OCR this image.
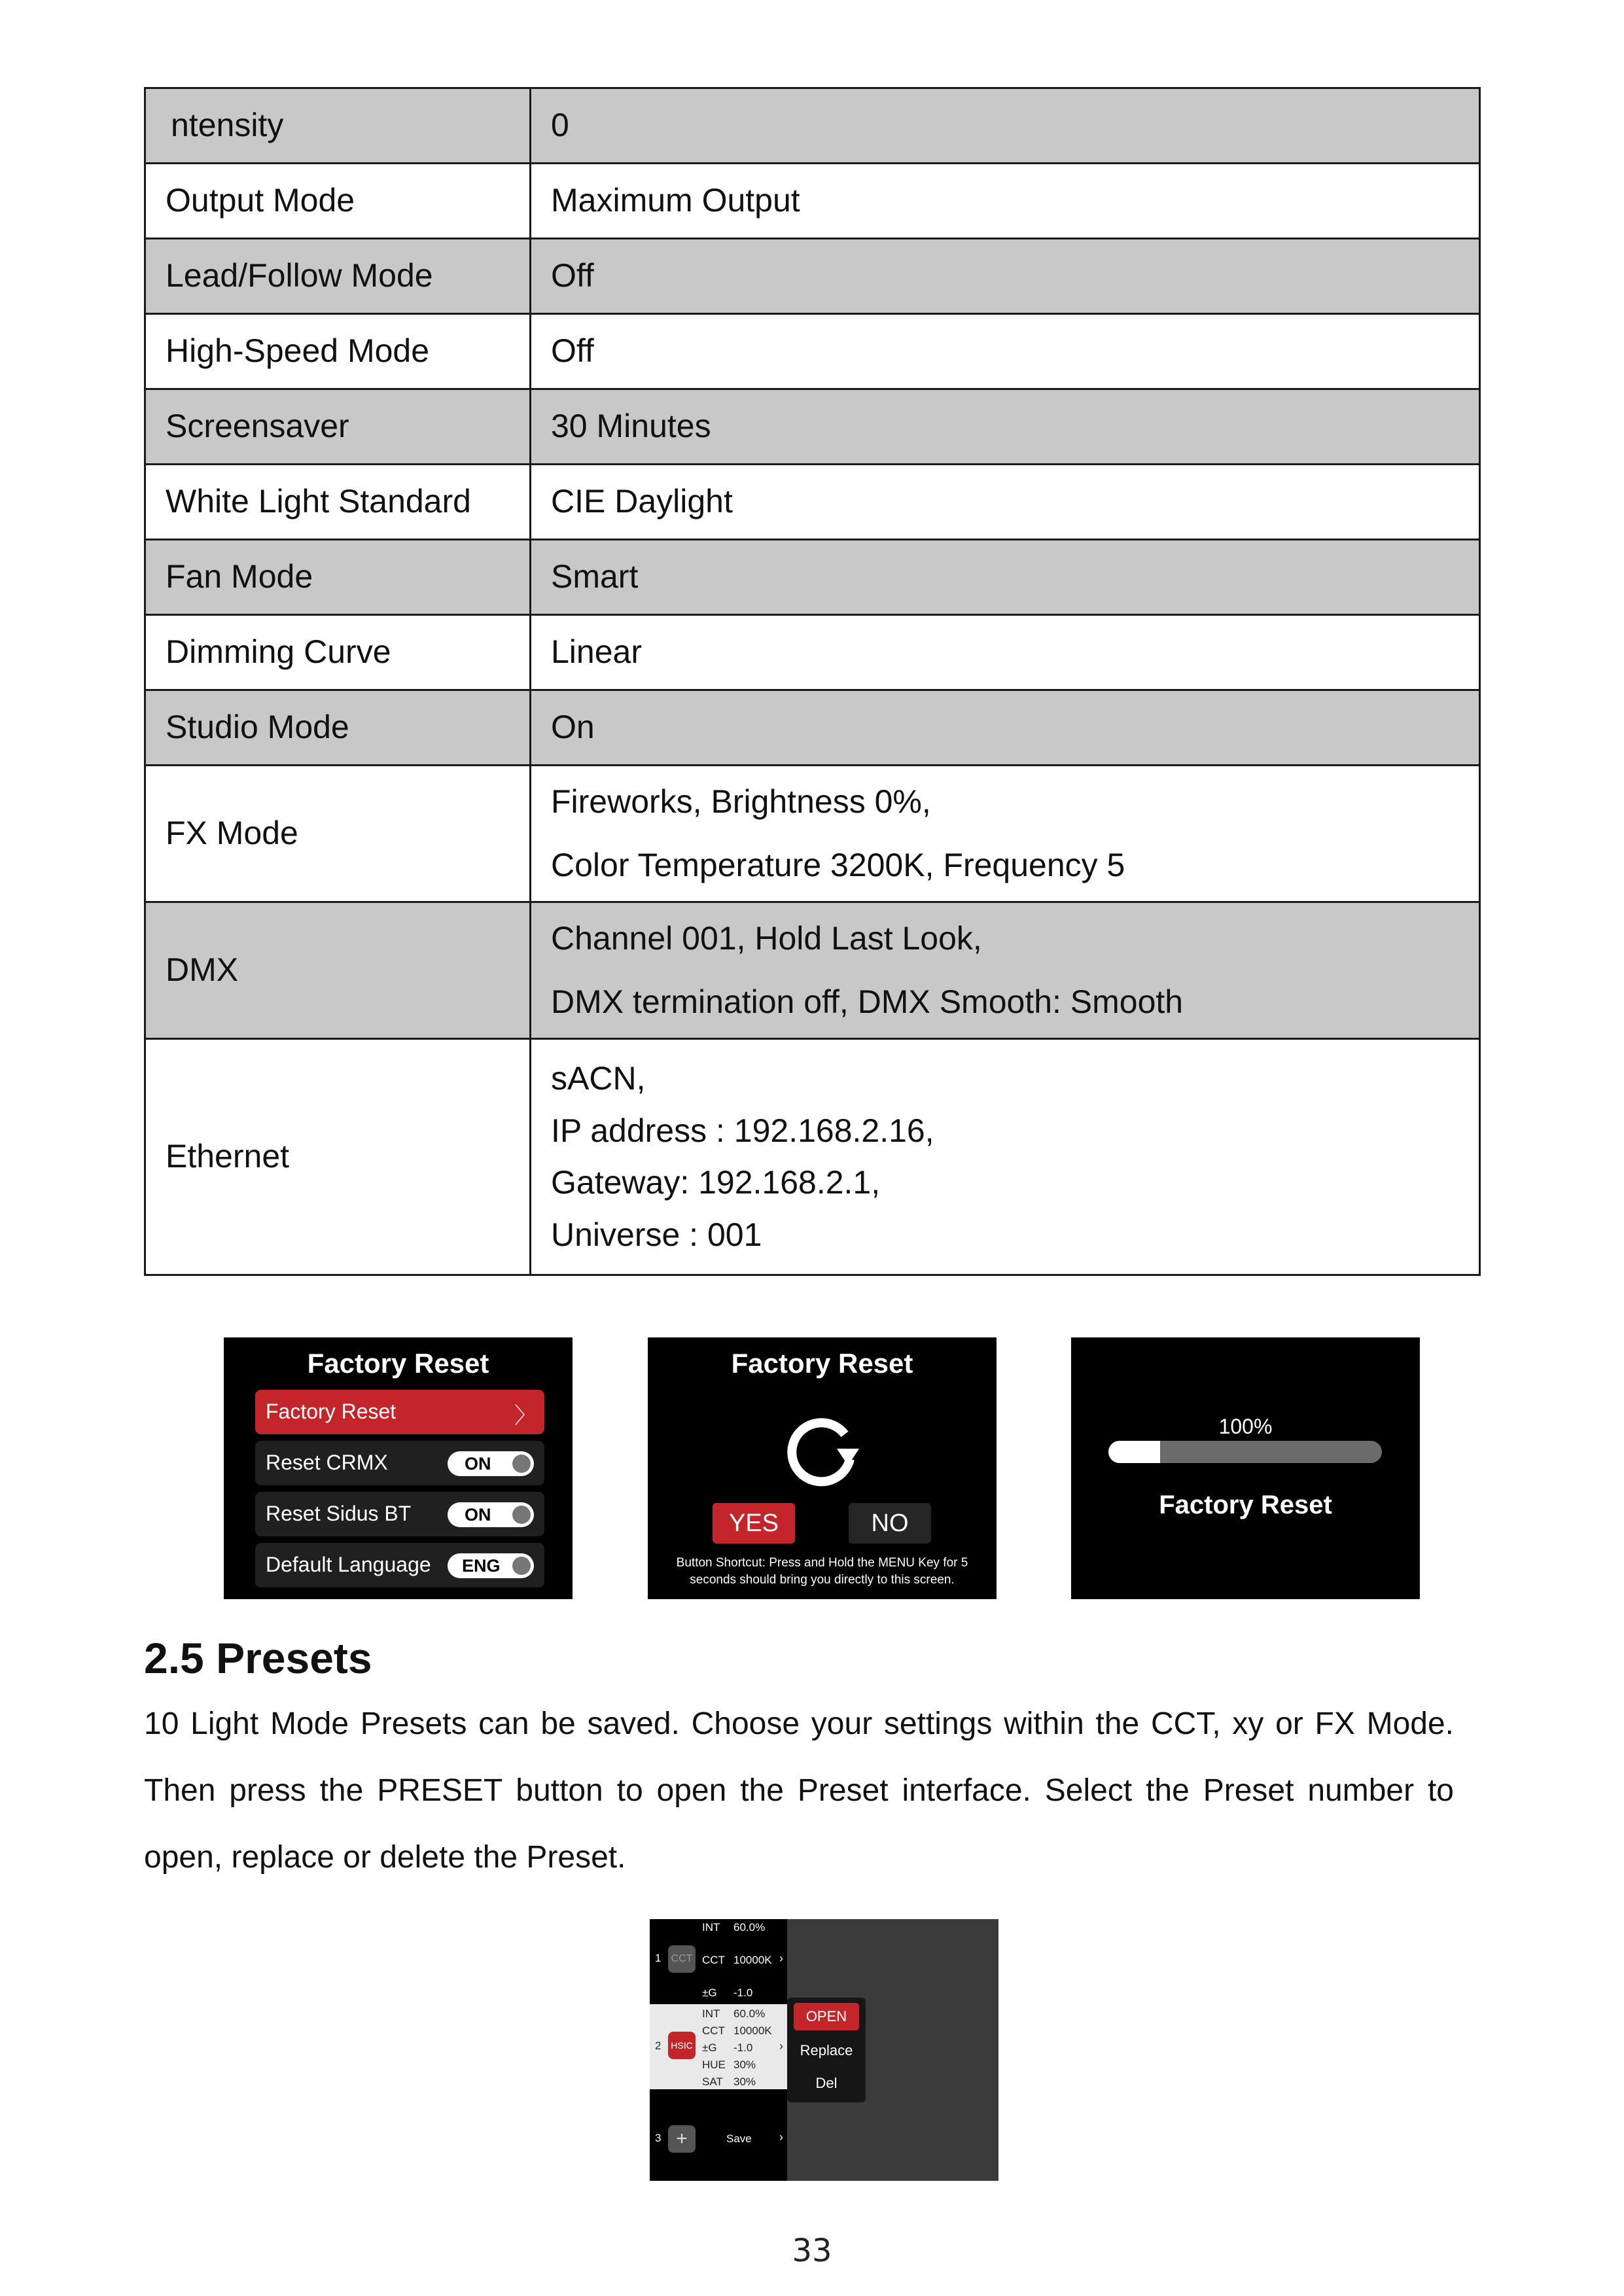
ntensity	0

Output Mode	Maximum Output

Lead/Follow Mode	Off

High-Speed Mode	Off

Screensaver	30 Minutes

White Light Standard	CIE Daylight

Fan Mode	Smart

Dimming Curve	Linear

Studio Mode	On

FX Mode	Fireworks, Brightness 0%,
Color Temperature 3200K, Frequency 5

DMX	Channel 001, Hold Last Look,
DMX termination off, DMX Smooth: Smooth

Ethernet	sACN,
IP address : 192.168.2.16,
Gateway: 192.168.2.1,
Universe : 001
Factory Reset
Factory Reset	〉
Reset CRMX	ON
Reset Sidus BT	ON
Default Language ENG
Factory Reset
YES	NO
Button Shortcut: Press and Hold the MENU Key for 5
seconds should bring you directly to this screen.
100%
Factory Reset
2.5 Presets

10 Light Mode Presets can be saved. Choose your settings within the CCT, xy or FX Mode. Then press the PRESET button to open the Preset interface. Select the Preset number to open, replace or delete the Preset.

1 CCT
INT 60.0%
CCT 10000K
±G -1.0
›
2	HSIC
INT 60.0%
CCT 10000K
±G -1.0
HUE 30%
SAT 30%
›
3 +	Save ›
OPEN
Replace
Del
33
